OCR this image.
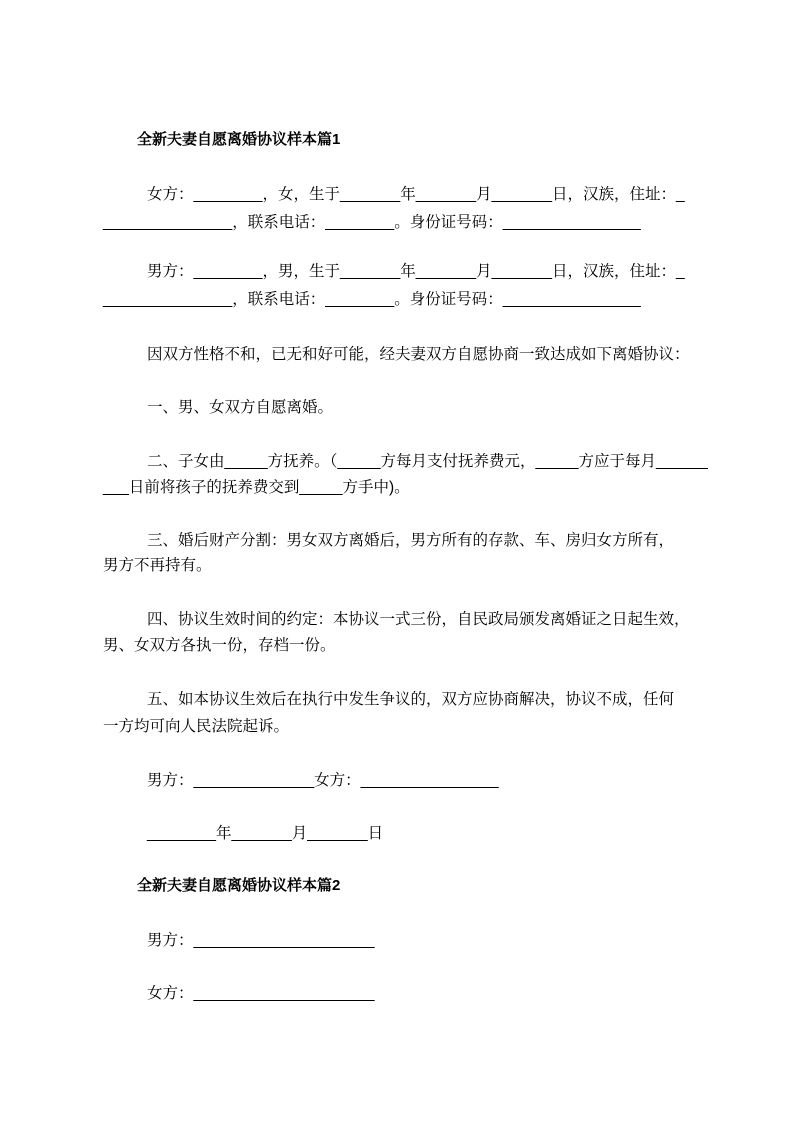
全新夫妻自愿离婚协议样本篇1
女方：________，女，生于_______年_______月_______日，汉族，住址：_
_______________，联系电话：________。身份证号码：________________
男方：________，男，生于_______年_______月_______日，汉族，住址：_
_______________，联系电话：________。身份证号码：________________
因双方性格不和，已无和好可能，经夫妻双方自愿协商一致达成如下离婚协议：
一、男、女双方自愿离婚。
二、子女由_____方抚养。（_____方每月支付抚养费元，_____方应于每月______
___日前将孩子的抚养费交到_____方手中)。
三、婚后财产分割：男女双方离婚后，男方所有的存款、车、房归女方所有，
男方不再持有。
四、协议生效时间的约定：本协议一式三份，自民政局颁发离婚证之日起生效，
男、女双方各执一份，存档一份。
五、如本协议生效后在执行中发生争议的，双方应协商解决，协议不成，任何
一方均可向人民法院起诉。
男方：______________女方：________________
________年_______月_______日
全新夫妻自愿离婚协议样本篇2
男方：_____________________
女方：_____________________
